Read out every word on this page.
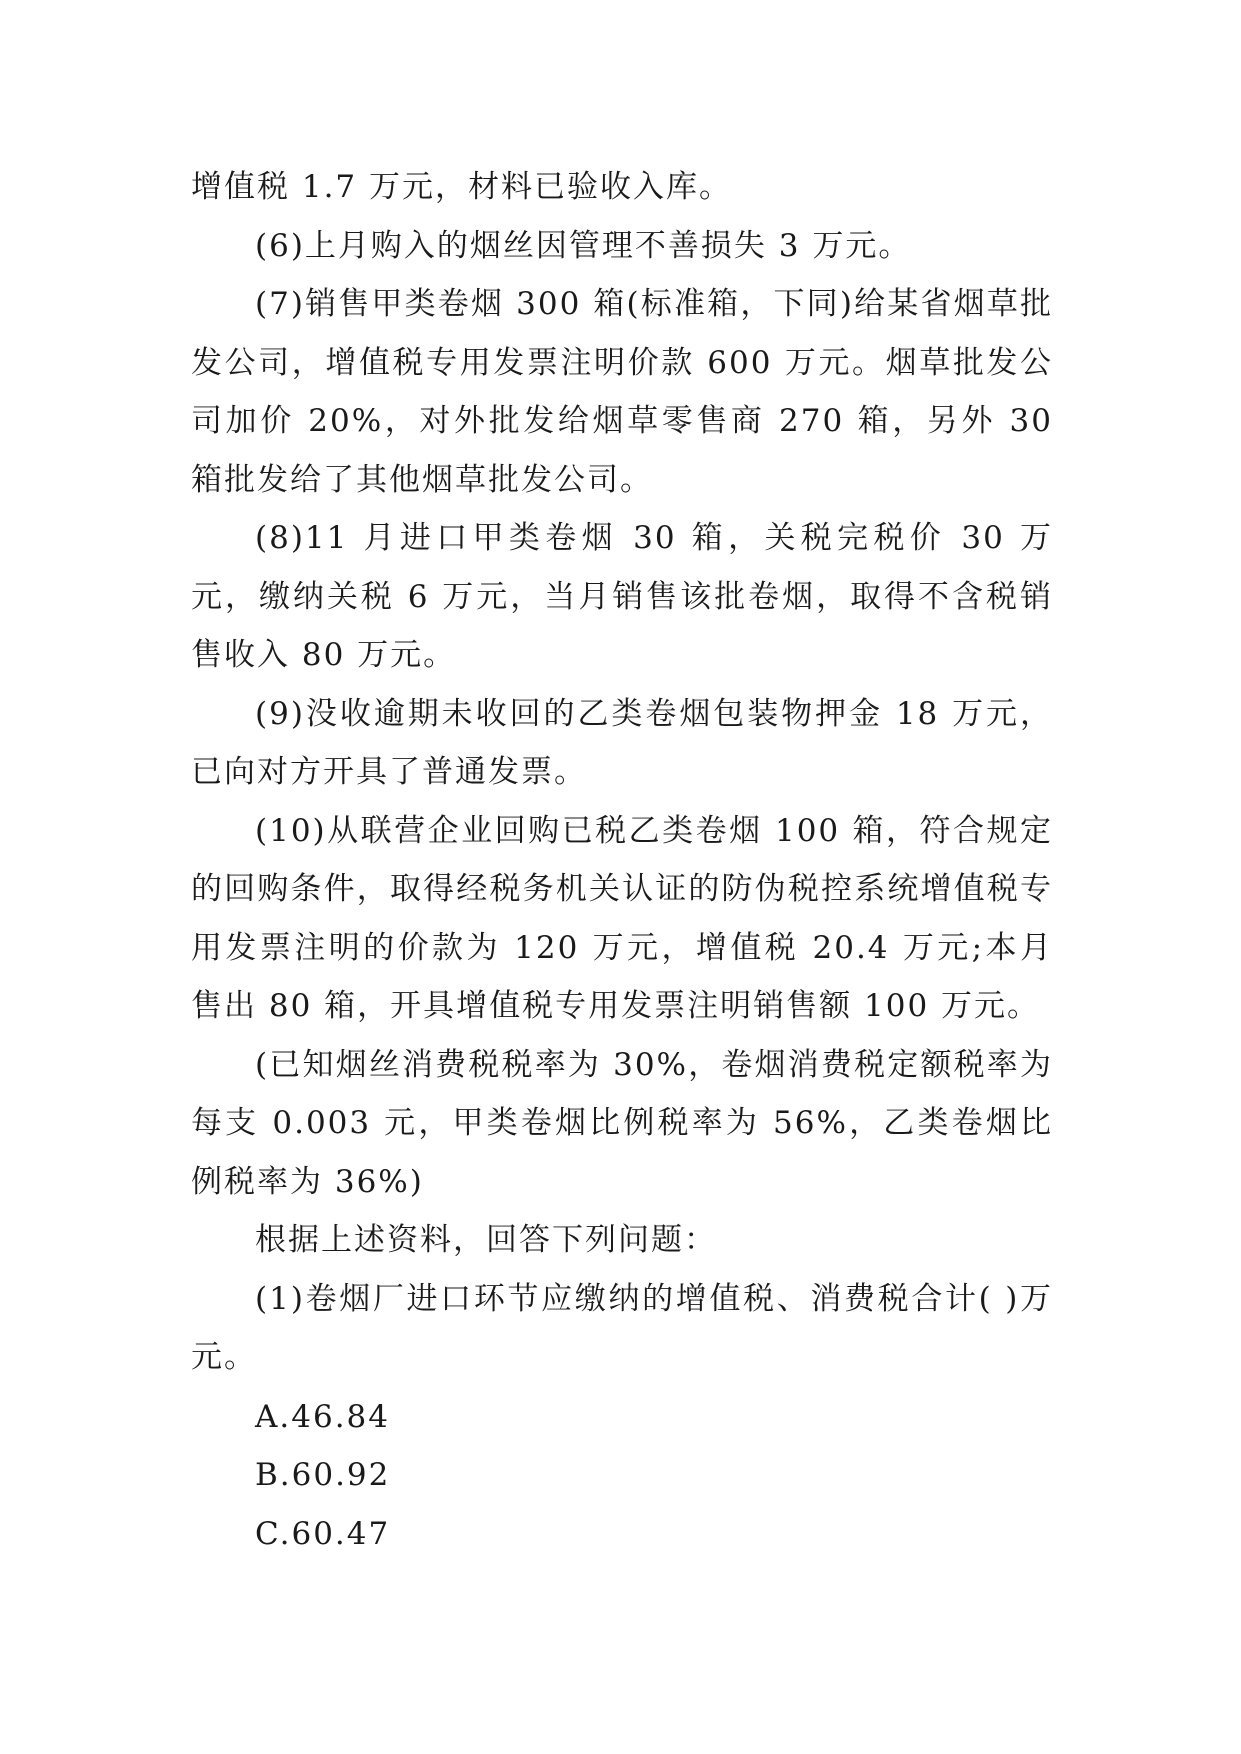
增值税 1.7 万元，材料已验收入库。

(6)上月购入的烟丝因管理不善损失 3 万元。

(7)销售甲类卷烟 300 箱(标准箱，下同)给某省烟草批发公司，增值税专用发票注明价款 600 万元。烟草批发公司加价 20%，对外批发给烟草零售商 270 箱，另外 30 箱批发给了其他烟草批发公司。

(8)11 月进口甲类卷烟 30 箱，关税完税价 30 万元，缴纳关税 6 万元，当月销售该批卷烟，取得不含税销售收入 80 万元。

(9)没收逾期未收回的乙类卷烟包装物押金 18 万元，已向对方开具了普通发票。

(10)从联营企业回购已税乙类卷烟 100 箱，符合规定的回购条件，取得经税务机关认证的防伪税控系统增值税专用发票注明的价款为 120 万元，增值税 20.4 万元;本月售出 80 箱，开具增值税专用发票注明销售额 100 万元。

(已知烟丝消费税税率为 30%，卷烟消费税定额税率为每支 0.003 元，甲类卷烟比例税率为 56%，乙类卷烟比例税率为 36%)

根据上述资料，回答下列问题：

(1)卷烟厂进口环节应缴纳的增值税、消费税合计( )万元。

A.46.84

B.60.92

C.60.47
